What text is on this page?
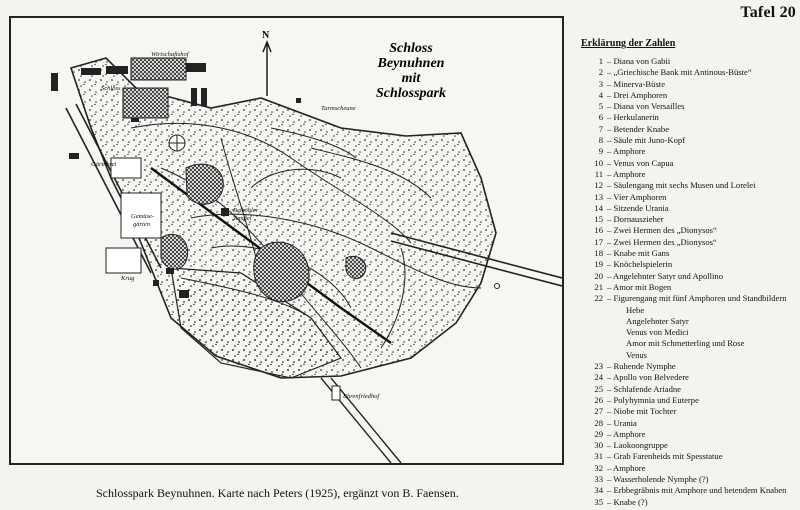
Tafel 20
N
Schloss
Beynuhnen
mit
Schlosspark
Wirtschaftshof
Schloss
Turmscheune
Gärtnerei
Gemüse-
gärten
Beiköhler
Tempel
Krug
Ehrenfriedhof
Erklärung der Zahlen
1 – Diana von Gabii
2 – „Griechische Bank mit Antinous-Büste“
3 – Minerva-Büste
4 – Drei Amphoren
5 – Diana von Versailles
6 – Herkulanerin
7 – Betender Knabe
8 – Säule mit Juno-Kopf
9 – Amphore
10 – Venus von Capua
11 – Amphore
12 – Säulengang mit sechs Musen und Lorelei
13 – Vier Amphoren
14 – Sitzende Urania
15 – Dornauszieher
16 – Zwei Hermen des „Dionysos“
17 – Zwei Hermen des „Dionysos“
18 – Knabe mit Gans
19 – Knöchelspielerin
20 – Angelehnter Satyr und Apollino
21 – Amor mit Bogen
22 – Figurengang mit fünf Amphoren und Standbildern
Hebe
Angelehnter Satyr
Venus von Medici
Amor mit Schmetterling und Rose
Venus
23 – Ruhende Nymphe
24 – Apollo von Belvedere
25 – Schlafende Ariadne
26 – Polyhymnia und Euterpe
27 – Niobe mit Tochter
28 – Urania
29 – Amphore
30 – Laokoongruppe
31 – Grab Farenheids mit Spesstatue
32 – Amphore
33 – Wasserholende Nymphe (?)
34 – Erbbegräbnis mit Amphore und betendem Knaben
35 – Knabe (?)
Schlosspark Beynuhnen. Karte nach Peters (1925), ergänzt von B. Faensen.
